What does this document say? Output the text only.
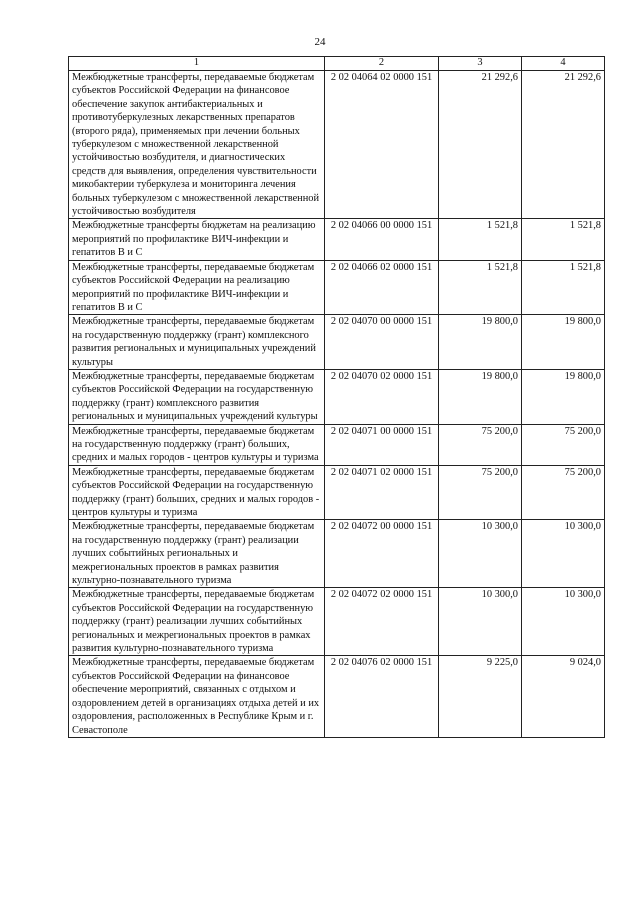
24
1	2	3	4
Межбюджетные трансферты, передаваемые бюджетам субъектов Российской Федерации на финансовое обеспечение закупок антибактериальных и противотуберкулезных лекарственных препаратов (второго ряда), применяемых при лечении больных туберкулезом с множественной лекарственной устойчивостью возбудителя, и диагностических средств для выявления, определения чувствительности микобактерии туберкулеза и мониторинга лечения больных туберкулезом с множественной лекарственной устойчивостью возбудителя	2 02 04064 02 0000 151	21 292,6	21 292,6
Межбюджетные трансферты бюджетам на реализацию мероприятий по профилактике ВИЧ-инфекции и гепатитов В и С	2 02 04066 00 0000 151	1 521,8	1 521,8
Межбюджетные трансферты, передаваемые бюджетам субъектов Российской Федерации на реализацию мероприятий по профилактике ВИЧ-инфекции и гепатитов В и С	2 02 04066 02 0000 151	1 521,8	1 521,8
Межбюджетные трансферты, передаваемые бюджетам на государственную поддержку (грант) комплексного развития региональных и муниципальных учреждений культуры	2 02 04070 00 0000 151	19 800,0	19 800,0
Межбюджетные трансферты, передаваемые бюджетам субъектов Российской Федерации на государственную поддержку (грант) комплексного развития региональных и муниципальных учреждений культуры	2 02 04070 02 0000 151	19 800,0	19 800,0
Межбюджетные трансферты, передаваемые бюджетам на государственную поддержку (грант) больших, средних и малых городов - центров культуры и туризма	2 02 04071 00 0000 151	75 200,0	75 200,0
Межбюджетные трансферты, передаваемые бюджетам субъектов Российской Федерации на государственную поддержку (грант) больших, средних и малых городов - центров культуры и туризма	2 02 04071 02 0000 151	75 200,0	75 200,0
Межбюджетные трансферты, передаваемые бюджетам на государственную поддержку (грант) реализации лучших событийных региональных и межрегиональных проектов в рамках развития культурно-познавательного туризма	2 02 04072 00 0000 151	10 300,0	10 300,0
Межбюджетные трансферты, передаваемые бюджетам субъектов Российской Федерации на государственную поддержку (грант) реализации лучших событийных региональных и межрегиональных проектов в рамках развития культурно-познавательного туризма	2 02 04072 02 0000 151	10 300,0	10 300,0
Межбюджетные трансферты, передаваемые бюджетам субъектов Российской Федерации на финансовое обеспечение мероприятий, связанных с отдыхом и оздоровлением детей в организациях отдыха детей и их оздоровления, расположенных в Республике Крым и г. Севастополе	2 02 04076 02 0000 151	9 225,0	9 024,0
